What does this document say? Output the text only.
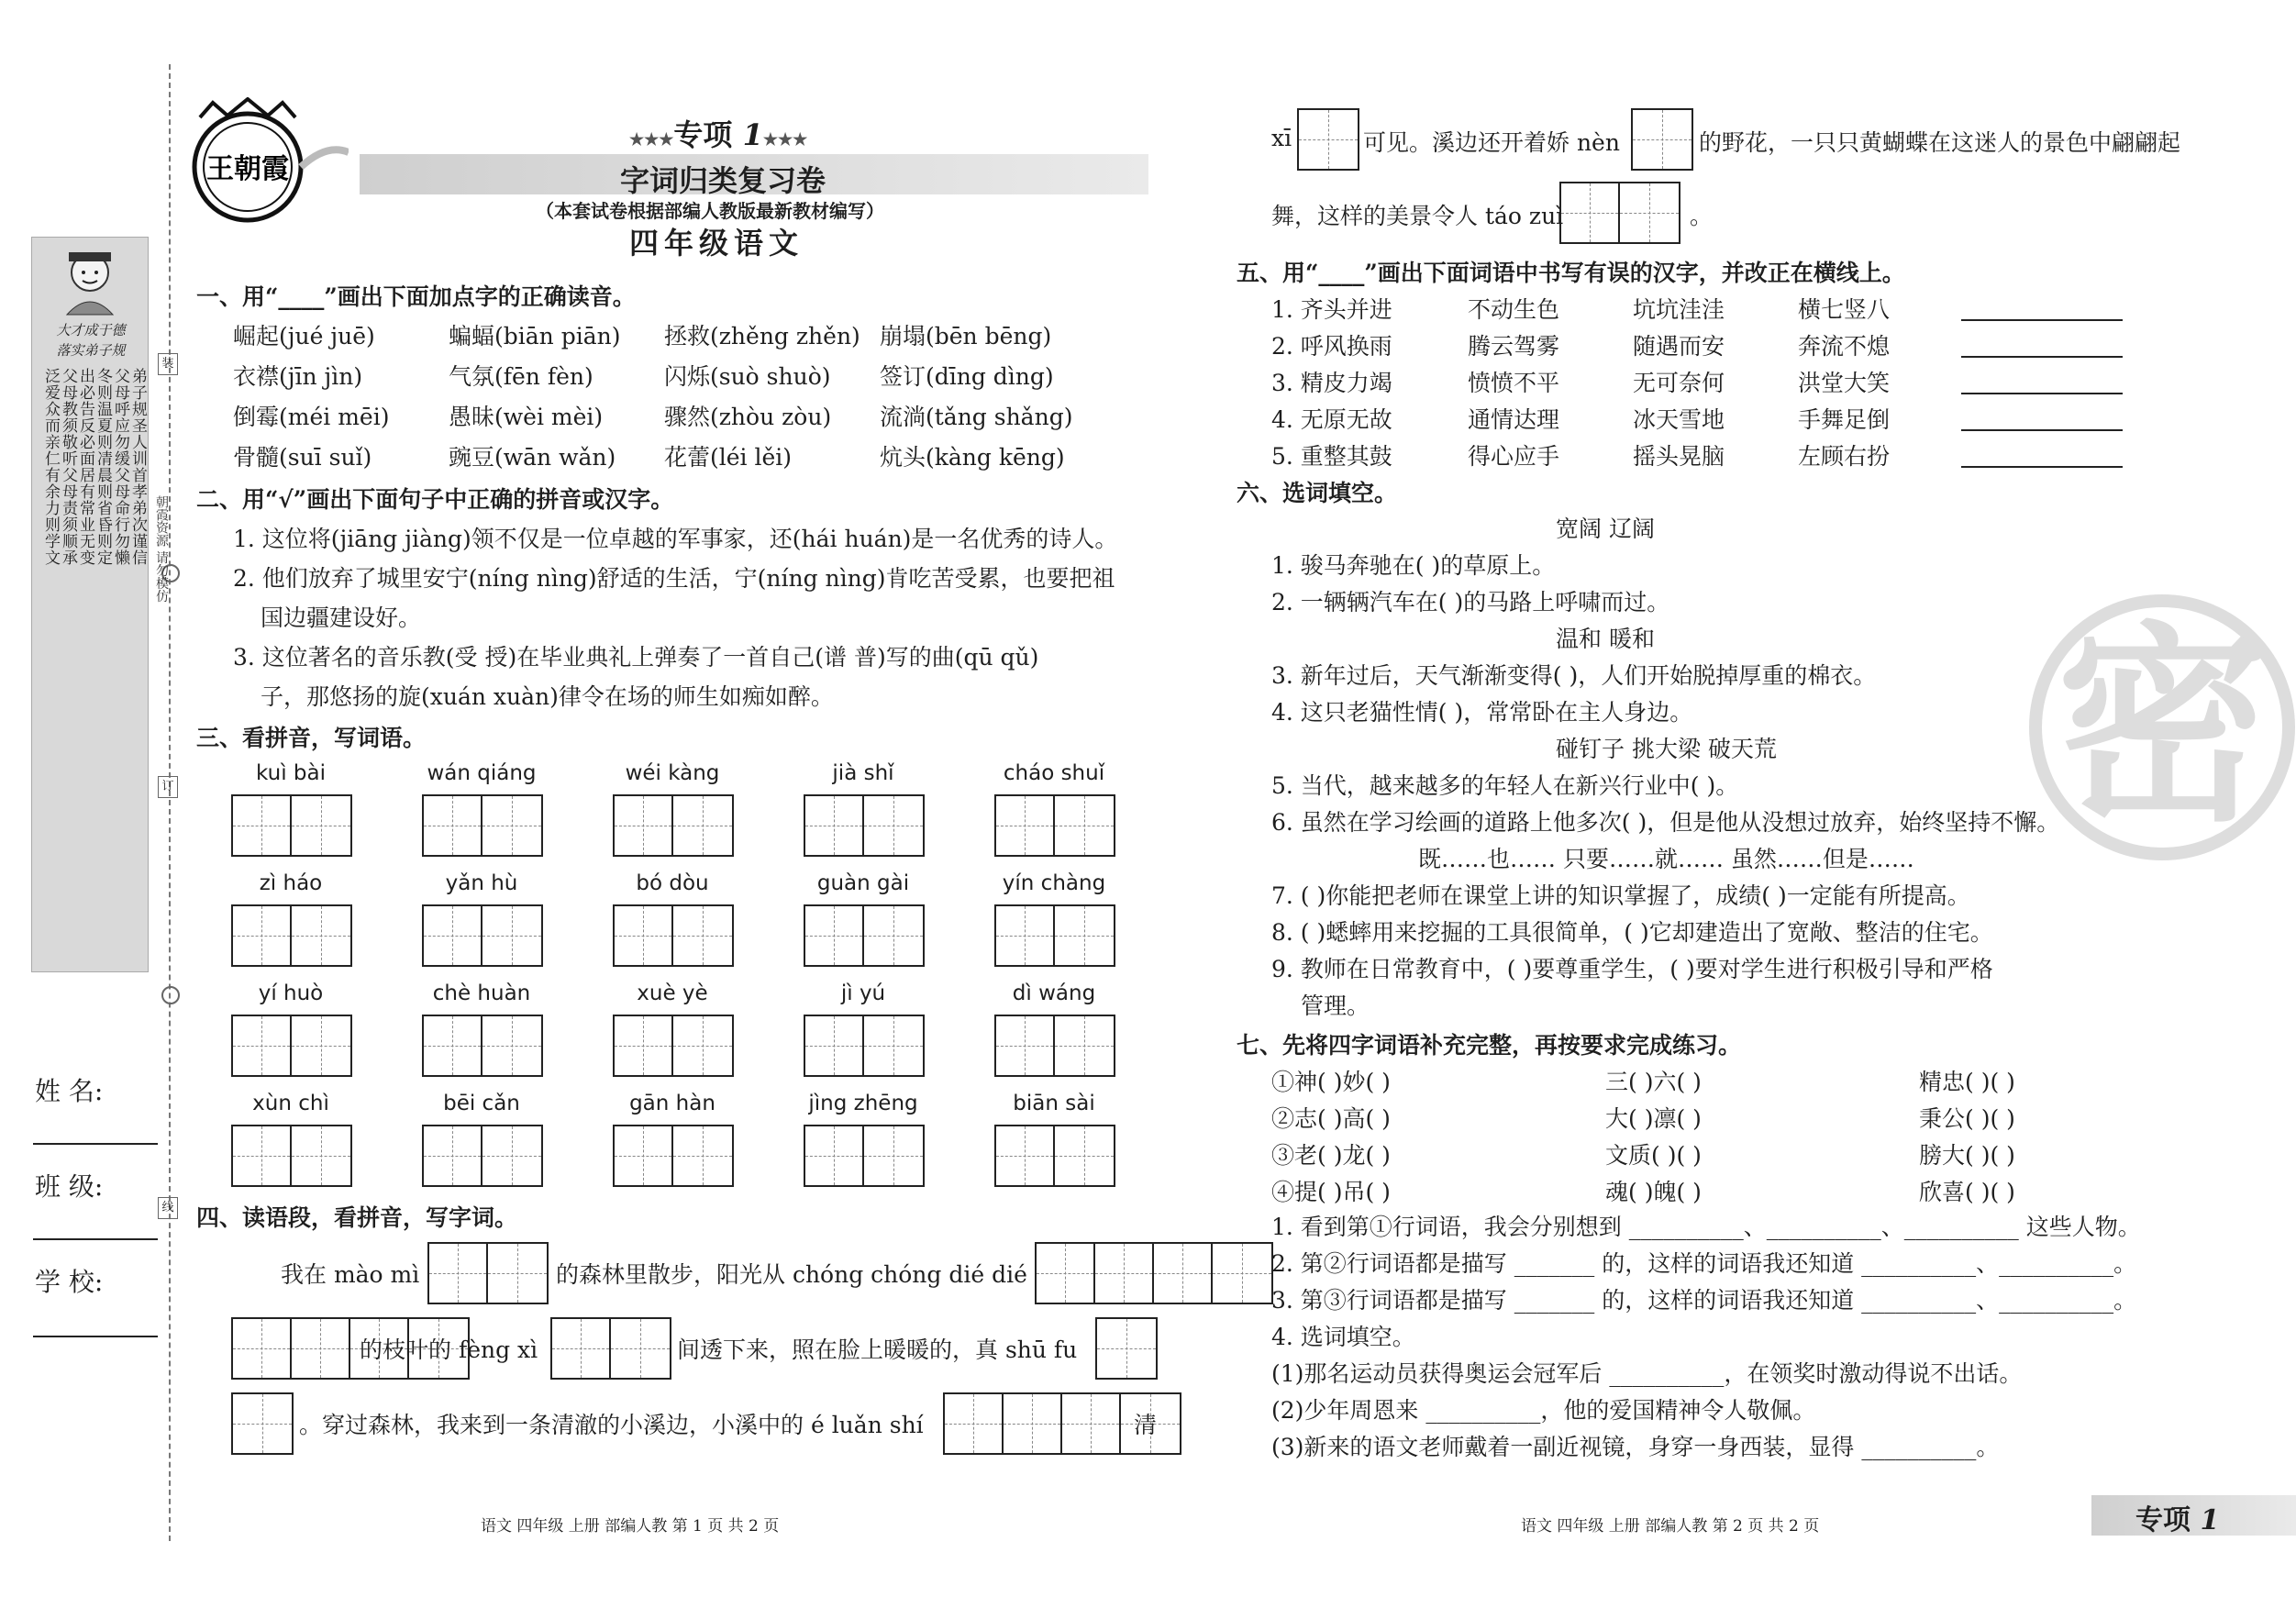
装
订
线
朝霞资源 请勿模仿
大才成于德
落实弟子规
弟子规圣人训首孝弟次谨信
父母呼应勿缓父母命行勿懒
冬则温夏则凊晨则省昏则定
出必告反必面居有常业无变
父母教须敬听父母责须顺承
泛爱众而亲仁有余力则学文
姓 名:
班 级:
学 校:
王朝霞
★★★专项 1★★★
字词归类复习卷
（本套试卷根据部编人教版最新教材编写）
四年级语文
一、用“____”画出下面加点字的正确读音。
崛起(jué juē)	蝙蝠(biān piān)	拯救(zhěng zhěn) 崩塌(bēn bēng)
衣襟(jīn jìn)	气氛(fēn fèn)	闪烁(suò shuò)	签订(dīng dìng)
倒霉(méi mēi)	愚昧(wèi mèi)	骤然(zhòu zòu)	流淌(tǎng shǎng)
骨髓(suī suǐ)	豌豆(wān wǎn)	花蕾(léi lěi)	炕头(kàng kēng)
二、用“√”画出下面句子中正确的拼音或汉字。
1. 这位将(jiāng jiàng)领不仅是一位卓越的军事家，还(hái huán)是一名优秀的诗人。
2. 他们放弃了城里安宁(níng nìng)舒适的生活，宁(níng nìng)肯吃苦受累，也要把祖
国边疆建设好。
3. 这位著名的音乐教(受 授)在毕业典礼上弹奏了一首自己(谱 普)写的曲(qū qǔ)
子，那悠扬的旋(xuán xuàn)律令在场的师生如痴如醉。
三、看拼音，写词语。
kuì bài	wán qiáng	wéi kàng	jià shǐ	cháo shuǐ
zì háo	yǎn hù	bó dòu	guàn gài	yín chàng
yí huò	chè huàn	xuè yè	jì yú	dì wáng
xùn chì	bēi cǎn	gān hàn	jìng zhēng	biān sài
四、读语段，看拼音，写字词。
我在 mào mì	的森林里散步，阳光从 chóng chóng dié dié
的枝叶的 fèng xì	间透下来，照在脸上暖暖的，真 shū fu
。穿过森林，我来到一条清澈的小溪边，小溪中的 é luǎn shí	清
xī	可见。溪边还开着娇 nèn	的野花，一只只黄蝴蝶在这迷人的景色中翩翩起
舞，这样的美景令人 táo zuì	。
密
五、用“____”画出下面词语中书写有误的汉字，并改正在横线上。
1. 齐头并进	不动生色	坑坑洼洼	横七竖八
2. 呼风换雨	腾云驾雾	随遇而安	奔流不熄
3. 精皮力竭	愤愤不平	无可奈何	洪堂大笑
4. 无原无故	通情达理	冰天雪地	手舞足倒
5. 重整其鼓	得心应手	摇头晃脑	左顾右扮
六、选词填空。
宽阔 辽阔
1. 骏马奔驰在( )的草原上。
2. 一辆辆汽车在( )的马路上呼啸而过。
温和 暖和
3. 新年过后，天气渐渐变得( )，人们开始脱掉厚重的棉衣。
4. 这只老猫性情( )，常常卧在主人身边。
碰钉子 挑大梁 破天荒
5. 当代，越来越多的年轻人在新兴行业中( )。
6. 虽然在学习绘画的道路上他多次( )，但是他从没想过放弃，始终坚持不懈。
既……也…… 只要……就…… 虽然……但是……
7. ( )你能把老师在课堂上讲的知识掌握了，成绩( )一定能有所提高。
8. ( )蟋蟀用来挖掘的工具很简单，( )它却建造出了宽敞、整洁的住宅。
9. 教师在日常教育中，( )要尊重学生，( )要对学生进行积极引导和严格
管理。
七、先将四字词语补充完整，再按要求完成练习。
①神( )妙( )	三( )六( )	精忠( )( )
②志( )高( )	大( )凛( )	秉公( )( )
③老( )龙( )	文质( )( )	膀大( )( )
④提( )吊( )	魂( )魄( )	欣喜( )( )
1. 看到第①行词语，我会分别想到 __________、__________、__________ 这些人物。
2. 第②行词语都是描写 _______ 的，这样的词语我还知道 __________、__________。
3. 第③行词语都是描写 _______ 的，这样的词语我还知道 __________、__________。
4. 选词填空。
(1)那名运动员获得奥运会冠军后 __________，在领奖时激动得说不出话。
(2)少年周恩来 __________，他的爱国精神令人敬佩。
(3)新来的语文老师戴着一副近视镜，身穿一身西装，显得 __________。
语文 四年级 上册 部编人教 第 1 页 共 2 页	语文 四年级 上册 部编人教 第 2 页 共 2 页	专项 1
